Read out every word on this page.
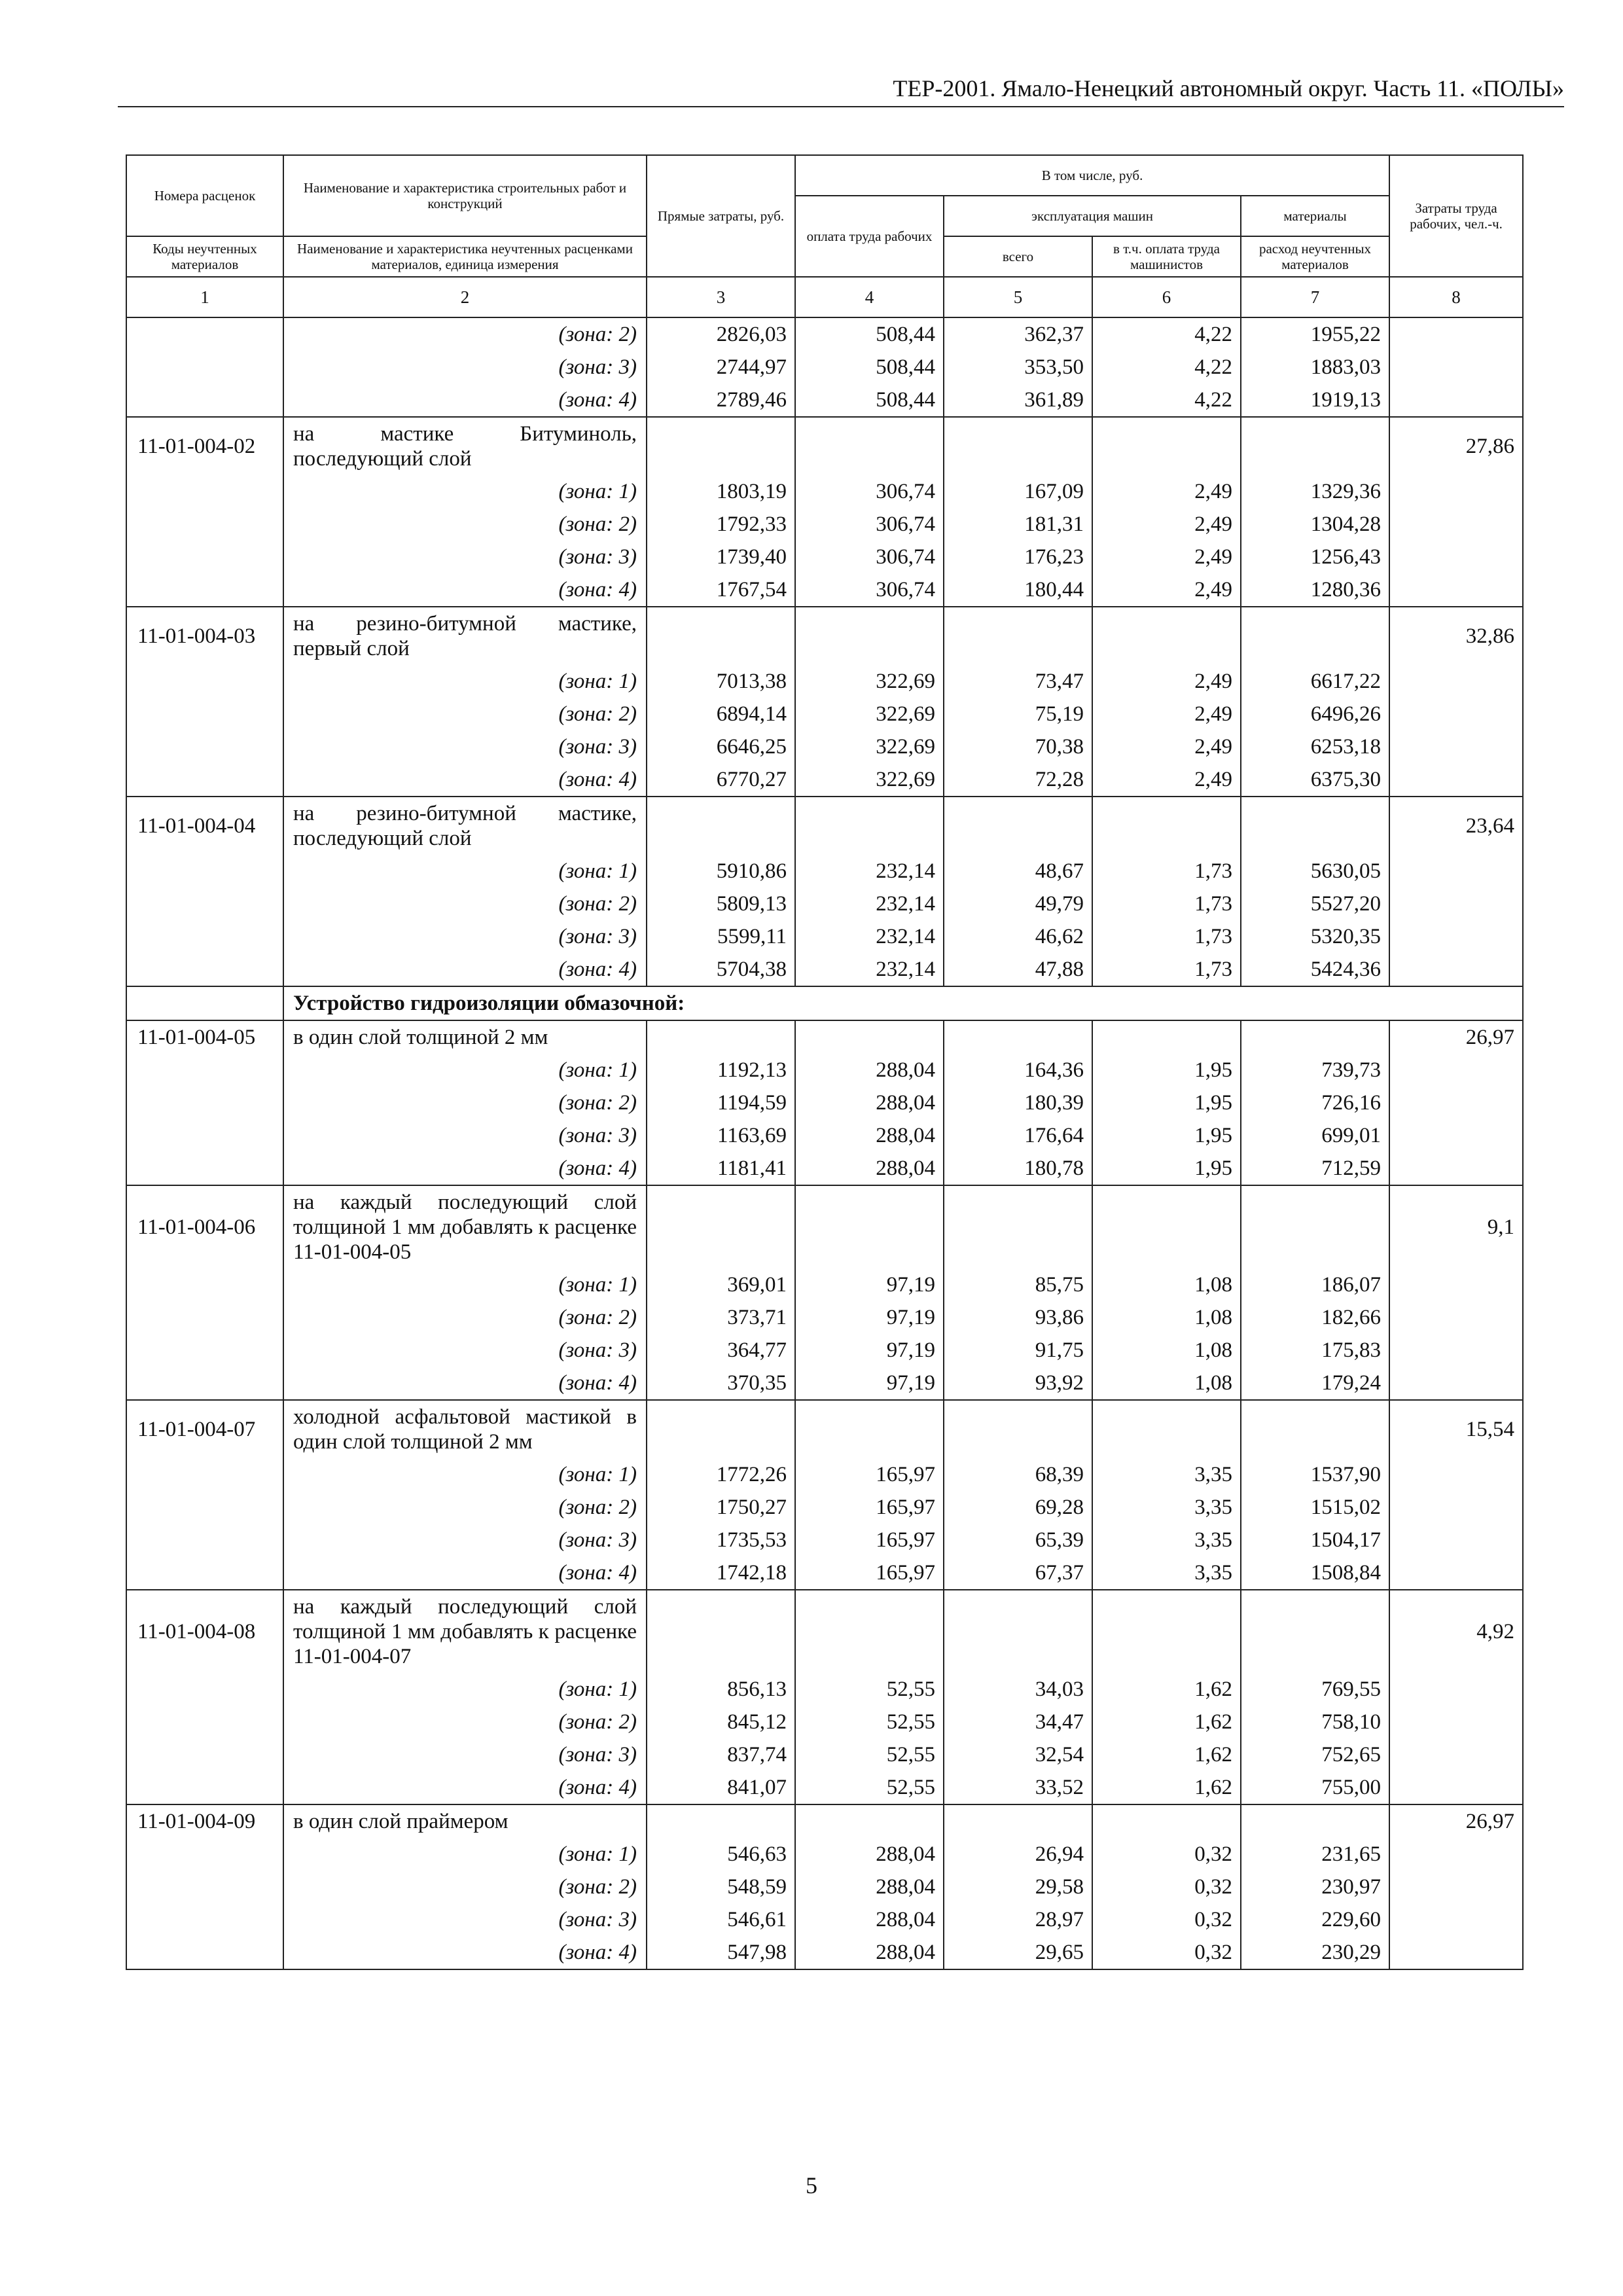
ТЕР-2001. Ямало-Ненецкий автономный округ. Часть 11. «ПОЛЫ»
Номера расценок	Наименование и характеристика строительных работ и конструкций	Прямые затраты, руб.	В том числе, руб.				Затраты труда рабочих, чел.-ч.
			оплата труда рабочих	эксплуатация машин		материалы	
Коды неучтенных материалов	Наименование и характеристика неучтенных расценками материалов, единица измерения			всего	в т.ч. оплата труда машинистов	расход неучтенных материалов	
1	2	3	4	5	6	7	8
	(зона: 2)	2826,03	508,44	362,37	4,22	1955,22	
	(зона: 3)	2744,97	508,44	353,50	4,22	1883,03	
	(зона: 4)	2789,46	508,44	361,89	4,22	1919,13	
11-01-004-02	на мастике Битуминоль, последующий слой						27,86
	(зона: 1)	1803,19	306,74	167,09	2,49	1329,36	
	(зона: 2)	1792,33	306,74	181,31	2,49	1304,28	
	(зона: 3)	1739,40	306,74	176,23	2,49	1256,43	
	(зона: 4)	1767,54	306,74	180,44	2,49	1280,36	
11-01-004-03	на резино-битумной мастике, первый слой						32,86
	(зона: 1)	7013,38	322,69	73,47	2,49	6617,22	
	(зона: 2)	6894,14	322,69	75,19	2,49	6496,26	
	(зона: 3)	6646,25	322,69	70,38	2,49	6253,18	
	(зона: 4)	6770,27	322,69	72,28	2,49	6375,30	
11-01-004-04	на резино-битумной мастике, последующий слой						23,64
	(зона: 1)	5910,86	232,14	48,67	1,73	5630,05	
	(зона: 2)	5809,13	232,14	49,79	1,73	5527,20	
	(зона: 3)	5599,11	232,14	46,62	1,73	5320,35	
	(зона: 4)	5704,38	232,14	47,88	1,73	5424,36	
	Устройство гидроизоляции обмазочной:						
11-01-004-05	в один слой толщиной 2 мм						26,97
	(зона: 1)	1192,13	288,04	164,36	1,95	739,73	
	(зона: 2)	1194,59	288,04	180,39	1,95	726,16	
	(зона: 3)	1163,69	288,04	176,64	1,95	699,01	
	(зона: 4)	1181,41	288,04	180,78	1,95	712,59	
11-01-004-06	на каждый последующий слой толщиной 1 мм добавлять к расценке 11-01-004-05						9,1
	(зона: 1)	369,01	97,19	85,75	1,08	186,07	
	(зона: 2)	373,71	97,19	93,86	1,08	182,66	
	(зона: 3)	364,77	97,19	91,75	1,08	175,83	
	(зона: 4)	370,35	97,19	93,92	1,08	179,24	
11-01-004-07	холодной асфальтовой мастикой в один слой толщиной 2 мм						15,54
	(зона: 1)	1772,26	165,97	68,39	3,35	1537,90	
	(зона: 2)	1750,27	165,97	69,28	3,35	1515,02	
	(зона: 3)	1735,53	165,97	65,39	3,35	1504,17	
	(зона: 4)	1742,18	165,97	67,37	3,35	1508,84	
11-01-004-08	на каждый последующий слой толщиной 1 мм добавлять к расценке 11-01-004-07						4,92
	(зона: 1)	856,13	52,55	34,03	1,62	769,55	
	(зона: 2)	845,12	52,55	34,47	1,62	758,10	
	(зона: 3)	837,74	52,55	32,54	1,62	752,65	
	(зона: 4)	841,07	52,55	33,52	1,62	755,00	
11-01-004-09	в один слой праймером						26,97
	(зона: 1)	546,63	288,04	26,94	0,32	231,65	
	(зона: 2)	548,59	288,04	29,58	0,32	230,97	
	(зона: 3)	546,61	288,04	28,97	0,32	229,60	
	(зона: 4)	547,98	288,04	29,65	0,32	230,29	
5
